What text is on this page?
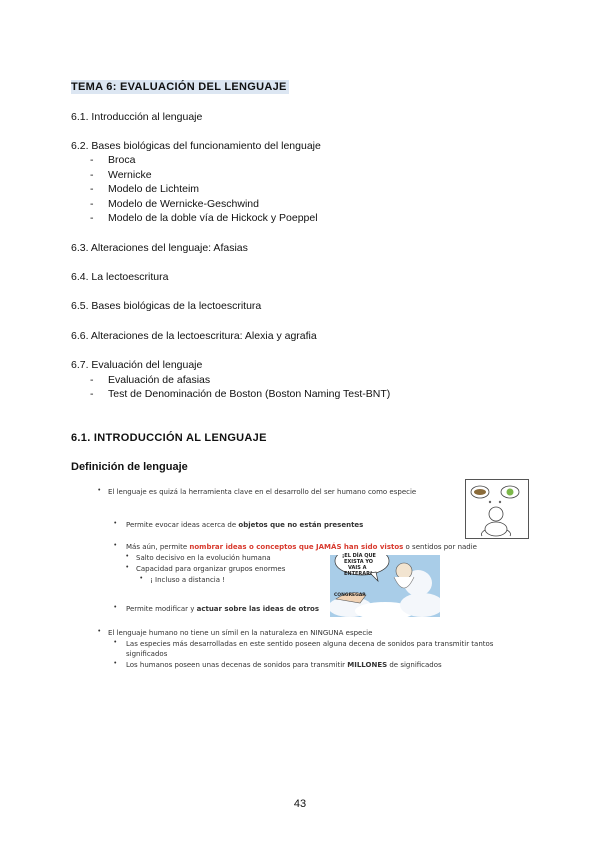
TEMA 6: EVALUACIÓN DEL LENGUAJE
6.1. Introducción al lenguaje
6.2. Bases biológicas del funcionamiento del lenguaje
- Broca
- Wernicke
- Modelo de Lichteim
- Modelo de Wernicke-Geschwind
- Modelo de la doble vía de Hickock y Poeppel
6.3. Alteraciones del lenguaje: Afasias
6.4. La lectoescritura
6.5. Bases biológicas de la lectoescritura
6.6. Alteraciones de la lectoescritura: Alexia y agrafia
6.7. Evaluación del lenguaje
- Evaluación de afasias
- Test de Denominación de Boston (Boston Naming Test-BNT)
6.1. INTRODUCCIÓN AL LENGUAJE
Definición de lenguaje
• El lenguaje es quizá la herramienta clave en el desarrollo del ser humano como especie
• Permite evocar ideas acerca de objetos que no están presentes
• Más aún, permite nombrar ideas o conceptos que JAMÁS han sido vistos o sentidos por nadie
• Salto decisivo en la evolución humana
• Capacidad para organizar grupos enormes
• ¡ Incluso a distancia !
• Permite modificar y actuar sobre las ideas de otros
• El lenguaje humano no tiene un símil en la naturaleza en NINGUNA especie
• Las especies más desarrolladas en este sentido poseen alguna decena de sonidos para transmitir tantos
significados
• Los humanos poseen unas decenas de sonidos para transmitir MILLONES de significados
¡EL DÍA QUE
EXISTA YO
VAIS A
ENTERAR!
CONGREGAR
43
